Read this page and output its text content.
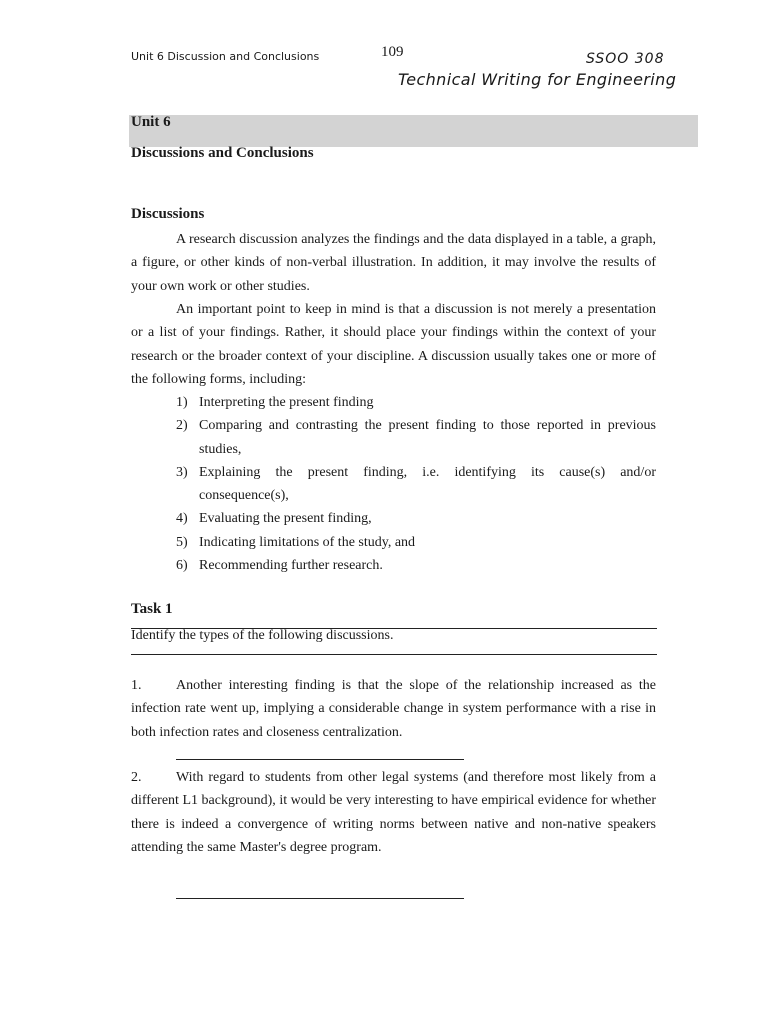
Unit 6 Discussion and Conclusions	109	SSOO 308
Technical Writing for Engineering
Unit 6
Discussions and Conclusions
Discussions

A research discussion analyzes the findings and the data displayed in a table, a graph, a figure, or other kinds of non-verbal illustration. In addition, it may involve the results of your own work or other studies.

An important point to keep in mind is that a discussion is not merely a presentation or a list of your findings. Rather, it should place your findings within the context of your research or the broader context of your discipline. A discussion usually takes one or more of the following forms, including:

1) Interpreting the present finding
2) Comparing and contrasting the present finding to those reported in previous studies,
3) Explaining the present finding, i.e. identifying its cause(s) and/or consequence(s),
4) Evaluating the present finding,
5) Indicating limitations of the study, and
6) Recommending further research.
Task 1
Identify the types of the following discussions.

1. Another interesting finding is that the slope of the relationship increased as the infection rate went up, implying a considerable change in system performance with a rise in both infection rates and closeness centralization.

2. With regard to students from other legal systems (and therefore most likely from a different L1 background), it would be very interesting to have empirical evidence for whether there is indeed a convergence of writing norms between native and non-native speakers attending the same Master's degree program.
